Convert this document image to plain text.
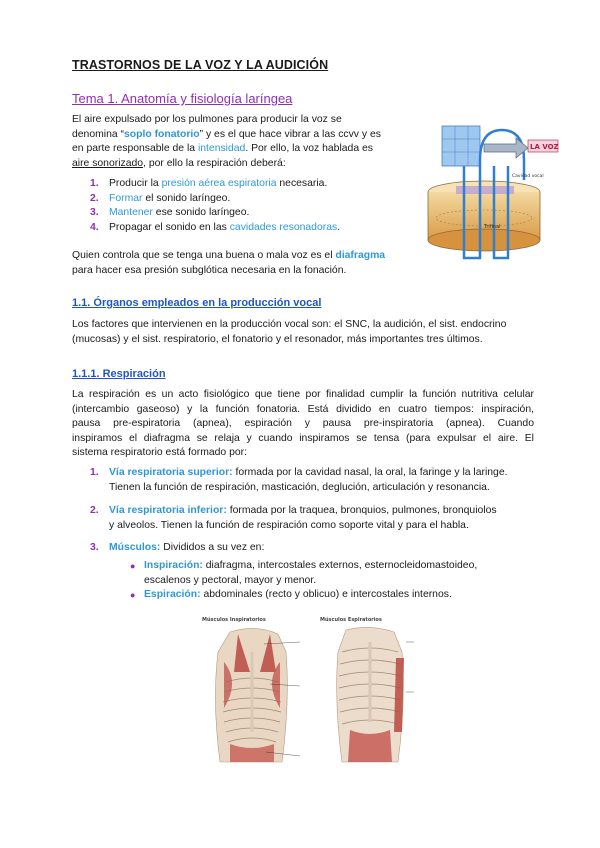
TRASTORNOS DE LA VOZ Y LA AUDICIÓN
Tema 1. Anatomía y fisiología laríngea

El aire expulsado por los pulmones para producir la voz se

denomina “soplo fonatorio” y es el que hace vibrar a las ccvv y es

en parte responsable de la intensidad. Por ello, la voz hablada es

aire sonorizado, por ello la respiración deberá:

1. Producir la presión aérea espiratoria necesaria.
2. Formar el sonido laríngeo.
3. Mantener ese sonido laríngeo.
4. Propagar el sonido en las cavidades resonadoras.

Quien controla que se tenga una buena o mala voz es el diafragma

para hacer esa presión subglótica necesaria en la fonación.

LA VOZ
Cavidad vocal
Trifinal
1.1. Órganos empleados en la producción vocal

Los factores que intervienen en la producción vocal son: el SNC, la audición, el sist. endocrino

(mucosas) y el sist. respiratorio, el fonatorio y el resonador, más importantes tres últimos.

1.1.1. Respiración

La respiración es un acto fisiológico que tiene por finalidad cumplir la función nutritiva celular

(intercambio gaseoso) y la función fonatoria. Está dividido en cuatro tiempos: inspiración,

pausa pre-espiratoria (apnea), espiración y pausa pre-inspiratoria (apnea). Cuando

inspiramos el diafragma se relaja y cuando inspiramos se tensa (para expulsar el aire. El

sistema respiratorio está formado por:

1. Vía respiratoria superior: formada por la cavidad nasal, la oral, la faringe y la laringe.
Tienen la función de respiración, masticación, deglución, articulación y resonancia.
2. Vía respiratoria inferior: formada por la traquea, bronquios, pulmones, bronquiolos
y alveolos. Tienen la función de respiración como soporte vital y para el habla.
3. Músculos: Divididos a su vez en:
● Inspiración: diafragma, intercostales externos, esternocleidomastoideo,
escalenos y pectoral, mayor y menor.
● Espiración: abdominales (recto y oblicuo) e intercostales internos.
Músculos Inspiratorios	Músculos Espiratorios
